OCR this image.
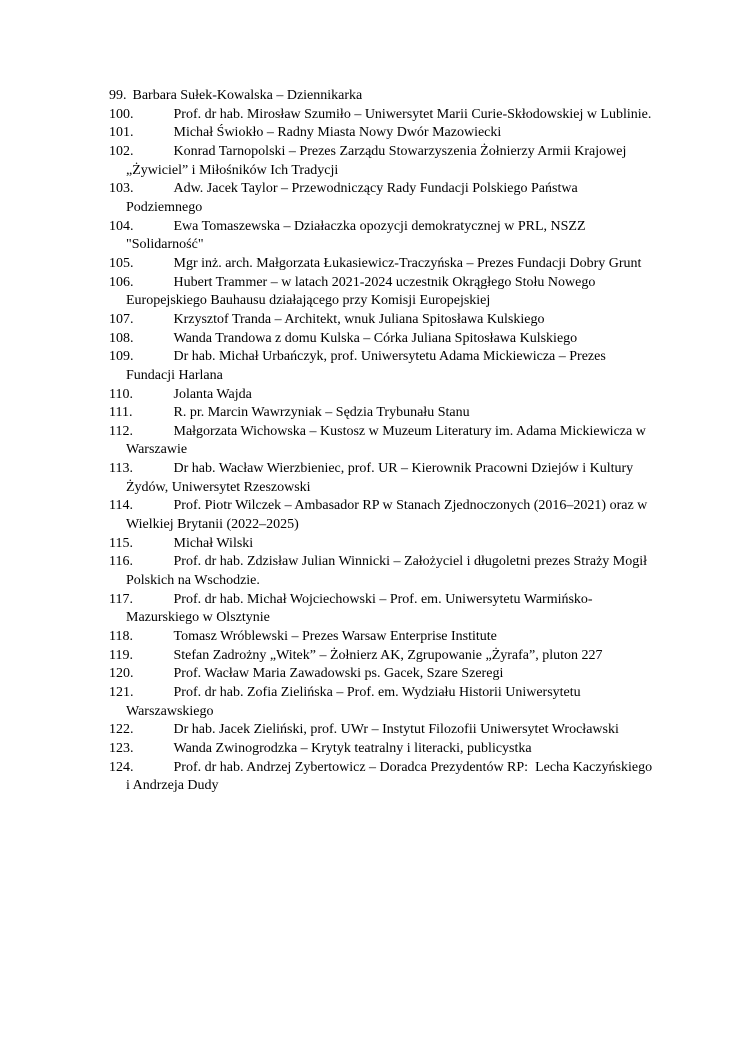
99. Barbara Sułek-Kowalska – Dziennikarka
100.	Prof. dr hab. Mirosław Szumiło – Uniwersytet Marii Curie-Skłodowskiej w Lublinie.
101.	Michał Świokło – Radny Miasta Nowy Dwór Mazowiecki
102.	Konrad Tarnopolski – Prezes Zarządu Stowarzyszenia Żołnierzy Armii Krajowej „Żywiciel” i Miłośników Ich Tradycji
103.	Adw. Jacek Taylor – Przewodniczący Rady Fundacji Polskiego Państwa Podziemnego
104.	Ewa Tomaszewska – Działaczka opozycji demokratycznej w PRL, NSZZ "Solidarność"
105.	Mgr inż. arch. Małgorzata Łukasiewicz-Traczyńska – Prezes Fundacji Dobry Grunt
106.	Hubert Trammer – w latach 2021-2024 uczestnik Okrągłego Stołu Nowego Europejskiego Bauhausu działającego przy Komisji Europejskiej
107.	Krzysztof Tranda – Architekt, wnuk Juliana Spitosława Kulskiego
108.	Wanda Trandowa z domu Kulska – Córka Juliana Spitosława Kulskiego
109.	Dr hab. Michał Urbańczyk, prof. Uniwersytetu Adama Mickiewicza – Prezes Fundacji Harlana
110.	Jolanta Wajda
111.	R. pr. Marcin Wawrzyniak – Sędzia Trybunału Stanu
112.	Małgorzata Wichowska – Kustosz w Muzeum Literatury im. Adama Mickiewicza w Warszawie
113.	Dr hab. Wacław Wierzbieniec, prof. UR – Kierownik Pracowni Dziejów i Kultury Żydów, Uniwersytet Rzeszowski
114.	Prof. Piotr Wilczek – Ambasador RP w Stanach Zjednoczonych (2016–2021) oraz w Wielkiej Brytanii (2022–2025)
115.	Michał Wilski
116.	Prof. dr hab. Zdzisław Julian Winnicki – Założyciel i długoletni prezes Straży Mogił Polskich na Wschodzie.
117.	Prof. dr hab. Michał Wojciechowski – Prof. em. Uniwersytetu Warmińsko-Mazurskiego w Olsztynie
118.	Tomasz Wróblewski – Prezes Warsaw Enterprise Institute
119.	Stefan Zadrożny „Witek” – Żołnierz AK, Zgrupowanie „Żyrafa”, pluton 227
120.	Prof. Wacław Maria Zawadowski ps. Gacek, Szare Szeregi
121.	Prof. dr hab. Zofia Zielińska – Prof. em. Wydziału Historii Uniwersytetu Warszawskiego
122.	Dr hab. Jacek Zieliński, prof. UWr – Instytut Filozofii Uniwersytet Wrocławski
123.	Wanda Zwinogrodzka – Krytyk teatralny i literacki, publicystka
124.	Prof. dr hab. Andrzej Zybertowicz – Doradca Prezydentów RP:  Lecha Kaczyńskiego i Andrzeja Dudy
